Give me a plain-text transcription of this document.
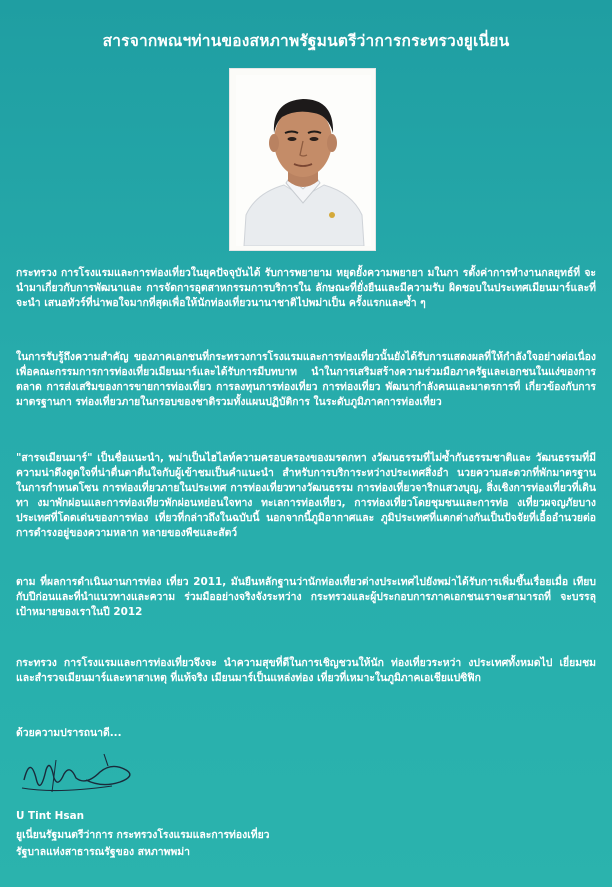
สารจากพณฯท่านของสหภาพรัฐมนตรีว่าการกระทรวงยูเนี่ยน
กระทรวง การโรงแรมและการท่องเที่ยวในยุคปัจจุบันได้ รับการพยายาม หยุดยั้งความพยายา มในกา รตั้งค่าการทำงานกลยุทธ์ที่ จะนำมาเกี่ยวกับการพัฒนาและ การจัดการอุตสาหกรรมการบริการใน ลักษณะที่ยั่งยืนและมีความรับ ผิดชอบในประเทศเมียนมาร์และที่จะนำ เสนอทัวร์ที่น่าพอใจมากที่สุดเพื่อให้นักท่องเที่ยวนานาชาติไปพม่าเป็น ครั้งแรกและซ้ำ ๆ
ในการรับรู้ถึงความสำคัญ ของภาคเอกชนที่กระทรวงการโรงแรมและการท่องเที่ยวนั้นยังได้รับการแสดงผลที่ให้กำลังใจอย่างต่อเนื่องเพื่อคณะกรรมการการท่องเที่ยวเมียนมาร์และได้รับการมีบทบาท นำในการเสริมสร้างความร่วมมือภาครัฐและเอกชนในแง่ของการตลาด การส่งเสริมของการขายการท่องเที่ยว การลงทุนการท่องเที่ยว การท่องเที่ยว พัฒนากำลังคนและมาตรการที่ เกี่ยวข้องกับการมาตรฐานกา รท่องเที่ยวภายในกรอบของชาติรวมทั้งแผนปฏิบัติการ ในระดับภูมิภาคการท่องเที่ยว
"สารจเมียนมาร์" เป็นชื่อแนะนำ, พม่าเป็นไฮไลท์ความครอบครองของมรดกทา งวัฒนธรรมที่ไม่ซ้ำกันธรรมชาติและ วัฒนธรรมที่มีความน่าดึงดูดใจที่น่าตื่นตาตื่นใจกับผู้เข้าชมเป็นคำแนะนำ สำหรับการบริการะหว่างประเทศสิ่งอำ นวยความสะดวกที่พักมาตรฐานในการกำหนดโซน การท่องเที่ยวภายในประเทศ การท่องเที่ยวทางวัฒนธรรม การท่องเที่ยวจาริกแสวงบุญ, สิ่งเชิงการท่องเที่ยวที่เดินทา งมาพักผ่อนและการท่องเที่ยวพักผ่อนหย่อนใจทาง ทะเลการท่องเที่ยว, การท่องเที่ยวโดยชุมชนและการท่อ งเที่ยวผจญภัยบางประเทศที่โดดเด่นของการท่อง เที่ยวที่กล่าวถึงในฉบับนี้ นอกจากนี้ภูมิอากาศและ ภูมิประเทศที่แตกต่างกันเป็นปัจจัยที่เอื้ออำนวยต่อการดำรงอยู่ของความหลาก หลายของพืชและสัตว์
ตาม ที่ผลการดำเนินงานการท่อง เที่ยว 2011, มันยืนหลักฐานว่านักท่องเที่ยวต่างประเทศไปยังพม่าได้รับการเพิ่มขึ้นเรื่อยเมื่อ เทียบกับปีก่อนและที่นำแนวทางและความ ร่วมมืออย่างจริงจังระหว่าง กระทรวงและผู้ประกอบการภาคเอกชนเราจะสามารถที่ จะบรรลุ เป้าหมายของเราในปี 2012
กระทรวง การโรงแรมและการท่องเที่ยวจึงจะ นำความสุขที่ดีในการเชิญชวนให้นัก ท่องเที่ยวระหว่า งประเทศทั้งหมดไป เยี่ยมชมและสำรวจเมียนมาร์และหาสาเหตุ ที่แท้จริง เมียนมาร์เป็นแหล่งท่อง เที่ยวที่เหมาะในภูมิภาคเอเชียแปซิฟิก
ด้วยความปรารถนาดี...
U Tint Hsan
ยูเนี่ยนรัฐมนตรีว่าการ กระทรวงโรงแรมและการท่องเที่ยว
รัฐบาลแห่งสาธารณรัฐของ สหภาพพม่า
